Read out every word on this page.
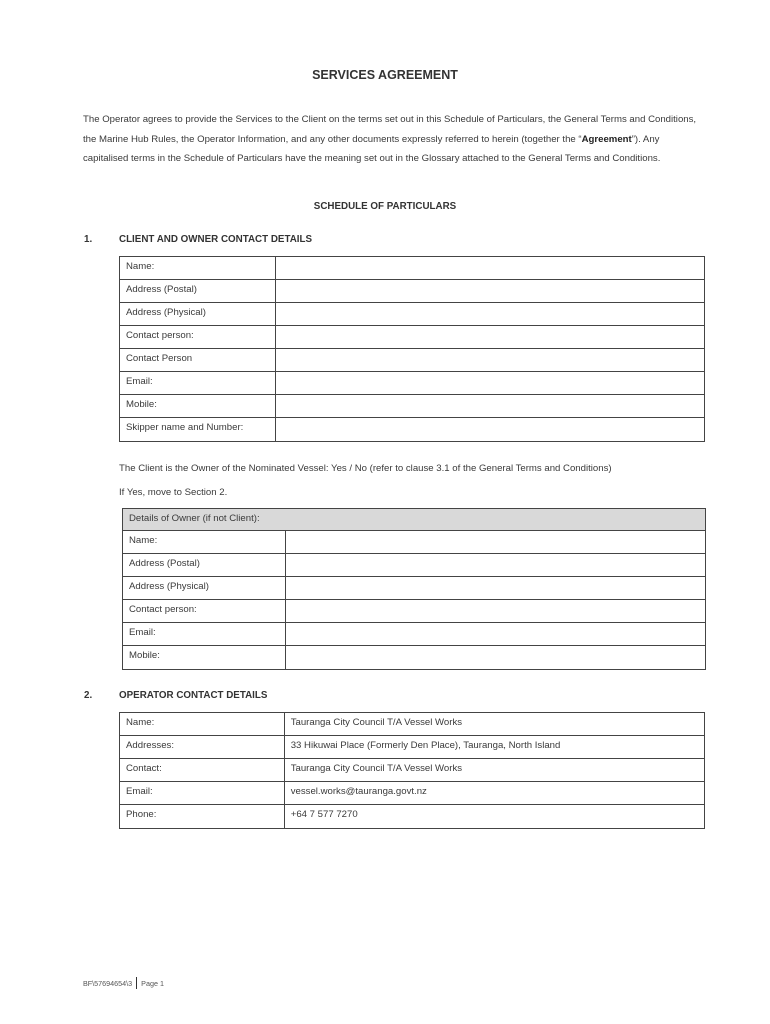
SERVICES AGREEMENT
The Operator agrees to provide the Services to the Client on the terms set out in this Schedule of Particulars, the General Terms and Conditions, the Marine Hub Rules, the Operator Information, and any other documents expressly referred to herein (together the “Agreement”). Any capitalised terms in the Schedule of Particulars have the meaning set out in the Glossary attached to the General Terms and Conditions.
SCHEDULE OF PARTICULARS
1.	CLIENT AND OWNER CONTACT DETAILS
Name:	
Address (Postal)	
Address (Physical)	
Contact person:	
Contact Person	
Email:	
Mobile:	
Skipper name and Number:	
The Client is the Owner of the Nominated Vessel: Yes / No (refer to clause 3.1 of the General Terms and Conditions)
If Yes, move to Section 2.
Details of Owner (if not Client):	
Name:	
Address (Postal)	
Address (Physical)	
Contact person:	
Email:	
Mobile:	
2.	OPERATOR CONTACT DETAILS
Name:	Tauranga City Council T/A Vessel Works
Addresses:	33 Hikuwai Place (Formerly Den Place), Tauranga, North Island
Contact:	Tauranga City Council T/A Vessel Works
Email:	vessel.works@tauranga.govt.nz
Phone:	+64 7 577 7270
BF\57694654\3 Page 1
